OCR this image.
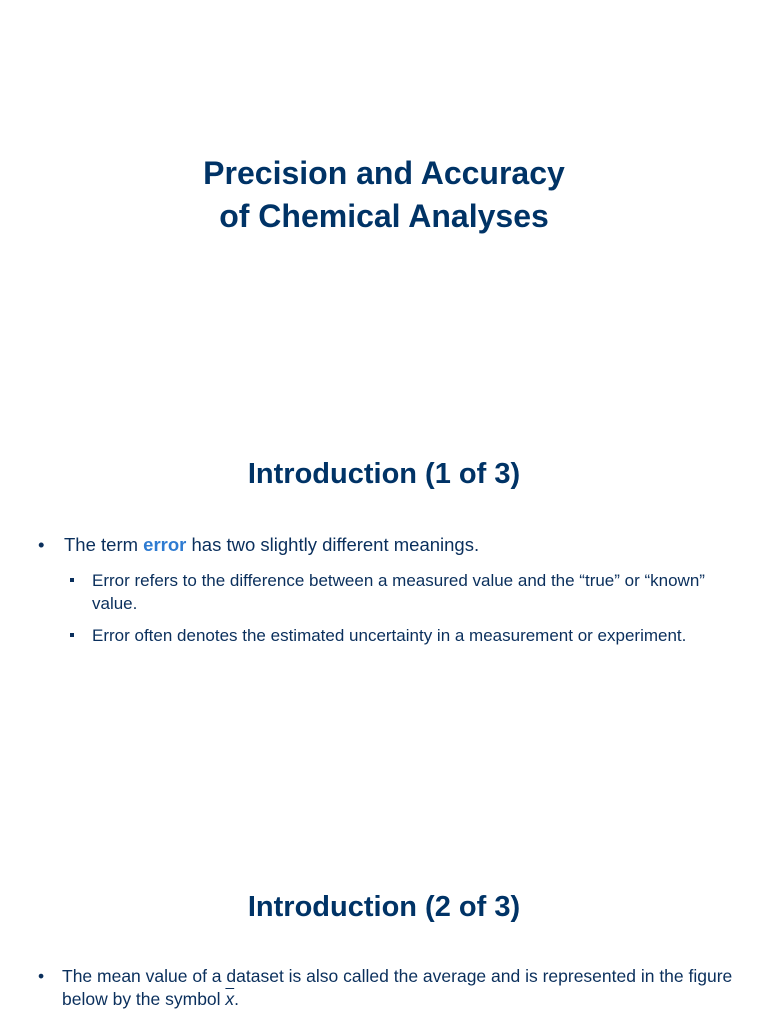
Precision and Accuracy
of Chemical Analyses
Introduction (1 of 3)
• The term error has two slightly different meanings.
Error refers to the difference between a measured value and the “true” or “known” value.
Error often denotes the estimated uncertainty in a measurement or experiment.
Introduction (2 of 3)
• The mean value of a dataset is also called the average and is represented in the figure below by the symbol $\overline{x}$.
